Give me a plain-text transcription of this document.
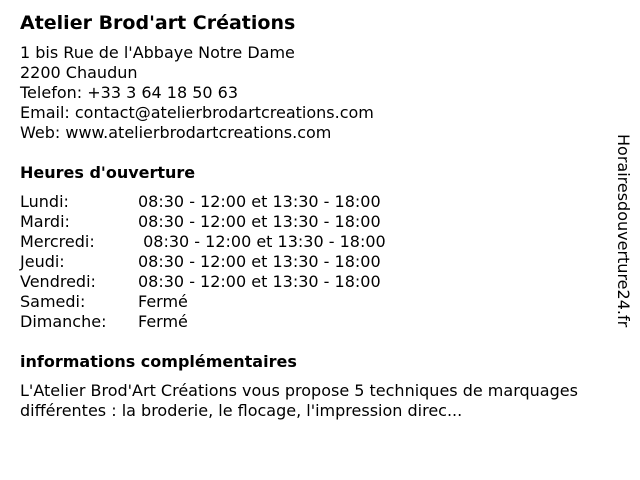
Atelier Brod'art Créations
1 bis Rue de l'Abbaye Notre Dame
2200 Chaudun
Telefon: +33 3 64 18 50 63
Email: contact@atelierbrodartcreations.com
Web: www.atelierbrodartcreations.com
Heures d'ouverture
Lundi:	08:30 - 12:00 et 13:30 - 18:00
Mardi:	08:30 - 12:00 et 13:30 - 18:00
Mercredi:	08:30 - 12:00 et 13:30 - 18:00
Jeudi:	08:30 - 12:00 et 13:30 - 18:00
Vendredi:	08:30 - 12:00 et 13:30 - 18:00
Samedi:	Fermé
Dimanche:	Fermé
informations complémentaires
L'Atelier Brod'Art Créations vous propose 5 techniques de marquages différentes : la broderie, le flocage, l'impression direc...
Horairesdouverture24.fr
